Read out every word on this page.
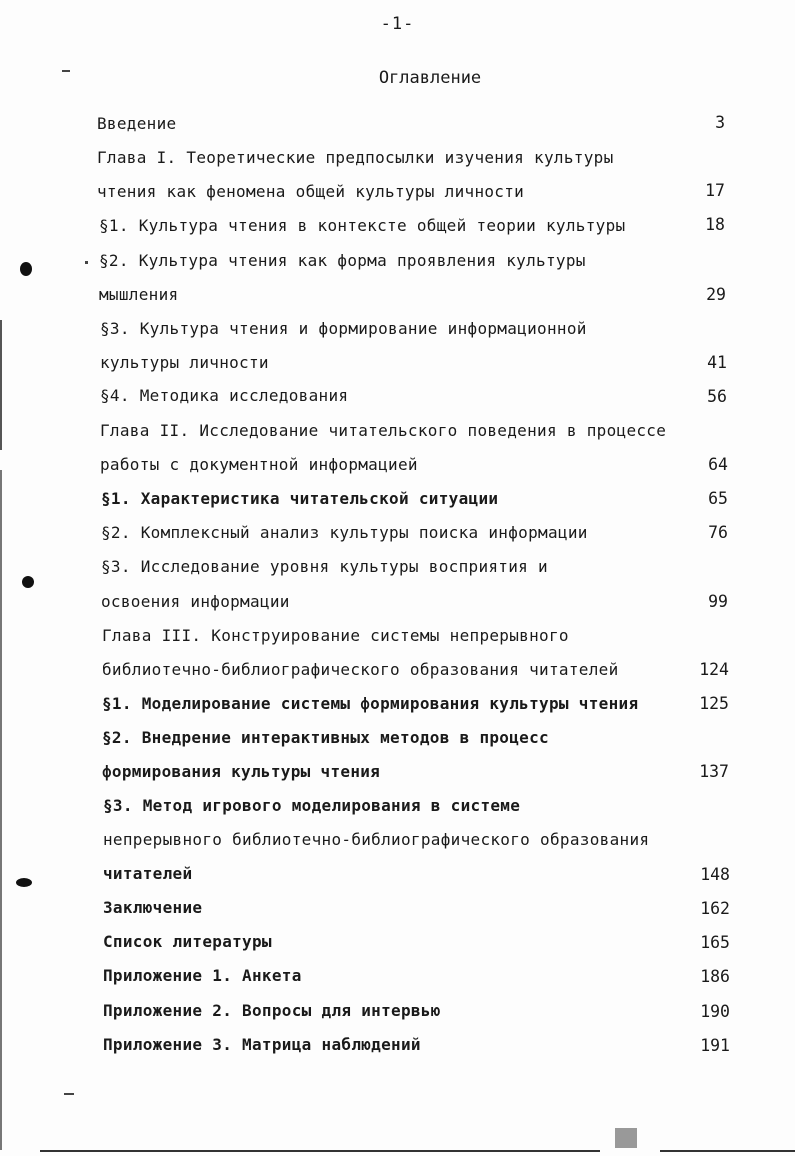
-1-
Оглавление
Введение
Глава I. Теоретические предпосылки изучения культуры
чтения как феномена общей культуры личности
§1. Культура чтения в контексте общей теории культуры
§2. Культура чтения как форма проявления культуры
мышления
§3. Культура чтения и формирование информационной
культуры личности
§4. Методика исследования
Глава II. Исследование читательского поведения в процессе
работы с документной информацией
§1. Характеристика читательской ситуации
§2. Комплексный анализ культуры поиска информации
§3. Исследование уровня культуры восприятия и
освоения информации
Глава III. Конструирование системы непрерывного
библиотечно-библиографического образования читателей
§1. Моделирование системы формирования культуры чтения
§2. Внедрение интерактивных методов в процесс
формирования культуры чтения
§3. Метод игрового моделирования в системе
непрерывного библиотечно-библиографического образования
читателей
Заключение
Список литературы
Приложение 1. Анкета
Приложение 2. Вопросы для интервью
Приложение 3. Матрица наблюдений
3
17
18
29
41
56
64
65
76
99
124
125
137
148
162
165
186
190
191
